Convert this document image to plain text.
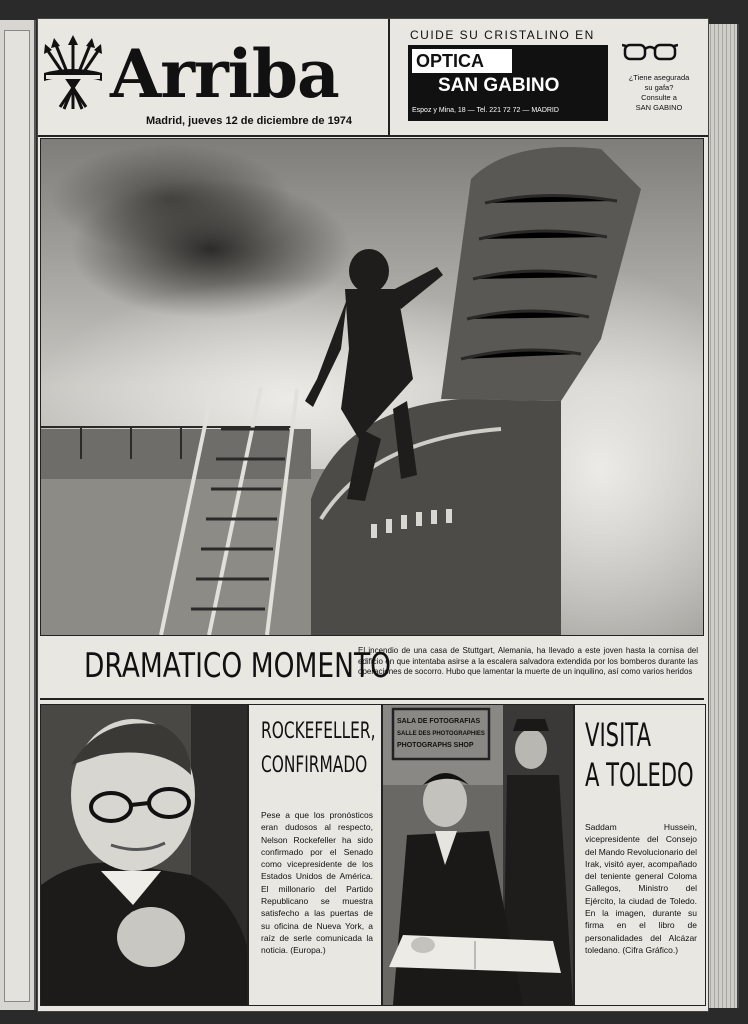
Arriba
Madrid, jueves 12 de diciembre de 1974
CUIDE SU CRISTALINO EN
OPTICA
SAN GABINO
Espoz y Mina, 18 — Tel. 221 72 72 — MADRID
¿Tiene asegurada
su gafa?
Consulte a
SAN GABINO
DRAMATICO MOMENTO
El incendio de una casa de Stuttgart, Alemania, ha llevado a este joven hasta la cornisa del edificio en que intentaba asirse a la escalera salvadora extendida por los bomberos durante las operaciones de socorro. Hubo que lamentar la muerte de un inquilino, así como varios heridos
ROCKEFELLER,
CONFIRMADO
Pese a que los pronósticos eran dudosos al respecto, Nelson Rockefeller ha sido confirmado por el Senado como vicepresidente de los Estados Unidos de América. El millonario del Partido Republicano se muestra satisfecho a las puertas de su oficina de Nueva York, a raíz de serle comunicada la noticia. (Europa.)
SALA DE FOTOGRAFIAS
SALLE DES PHOTOGRAPHIES
PHOTOGRAPHS SHOP	VISITA
A TOLEDO
Saddam Hussein, vicepresidente del Consejo del Mando Revolucionario del Irak, visitó ayer, acompañado del teniente general Coloma Gallegos, Ministro del Ejército, la ciudad de Toledo. En la imagen, durante su firma en el libro de personalidades del Alcázar toledano. (Cifra Gráfico.)
